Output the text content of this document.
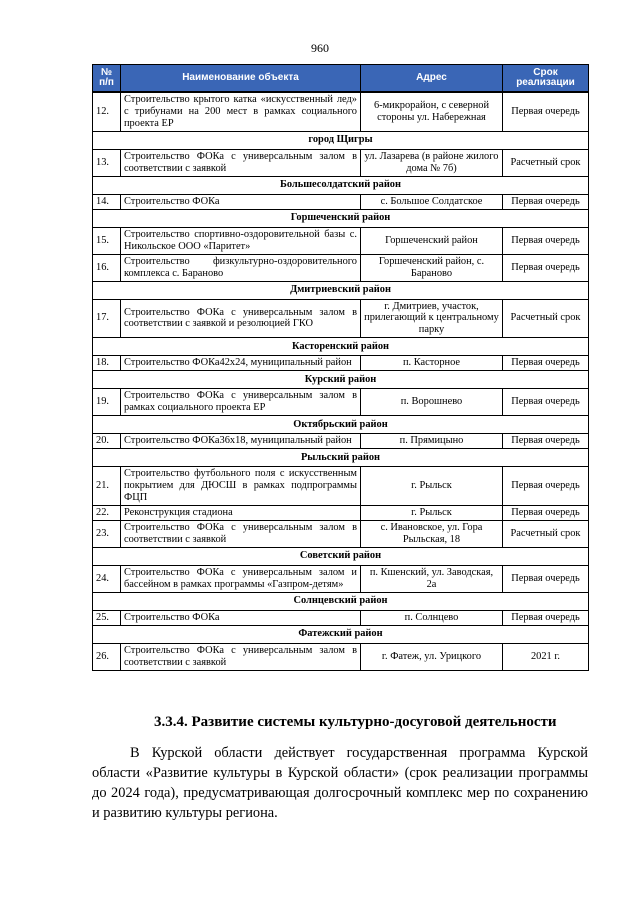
960
№ п/п	Наименование объекта	Адрес	Срок реализации
12.	Строительство крытого катка «искусственный лед» с трибунами на 200 мест в рамках социального проекта ЕР	6-микрорайон, с северной стороны ул. Набережная	Первая очередь
город Щигры			
13.	Строительство ФОКа с универсальным залом в соответствии с заявкой	ул. Лазарева (в районе жилого дома № 7б)	Расчетный срок
Большесолдатский район			
14.	Строительство ФОКа	с. Большое Солдатское	Первая очередь
Горшеченский район			
15.	Строительство спортивно-оздоровительной базы с. Никольское ООО «Паритет»	Горшеченский район	Первая очередь
16.	Строительство физкультурно-оздоровительного комплекса с. Бараново	Горшеченский район, с. Бараново	Первая очередь
Дмитриевский район			
17.	Строительство ФОКа с универсальным залом в соответствии с заявкой и резолюцией ГКО	г. Дмитриев, участок, прилегающий к центральному парку	Расчетный срок
Касторенский район			
18.	Строительство ФОКа42х24, муниципальный район	п. Касторное	Первая очередь
Курский район			
19.	Строительство ФОКа с универсальным залом в рамках социального проекта ЕР	п. Ворошнево	Первая очередь
Октябрьский район			
20.	Строительство ФОКа36х18, муниципальный район	п. Прямицыно	Первая очередь
Рыльский район			
21.	Строительство футбольного поля с искусственным покрытием для ДЮСШ в рамках подпрограммы ФЦП	г. Рыльск	Первая очередь
22.	Реконструкция стадиона	г. Рыльск	Первая очередь
23.	Строительство ФОКа с универсальным залом в соответствии с заявкой	с. Ивановское, ул. Гора Рыльская, 18	Расчетный срок
Советский район			
24.	Строительство ФОКа с универсальным залом и бассейном в рамках программы «Газпром-детям»	п. Кшенский, ул. Заводская, 2а	Первая очередь
Солнцевский район			
25.	Строительство ФОКа	п. Солнцево	Первая очередь
Фатежский район			
26.	Строительство ФОКа с универсальным залом в соответствии с заявкой	г. Фатеж, ул. Урицкого	2021 г.
3.3.4. Развитие системы культурно-досуговой деятельности

В Курской области действует государственная программа Курской области «Развитие культуры в Курской области» (срок реализации программы до 2024 года), предусматривающая долгосрочный комплекс мер по сохранению и развитию культуры региона.
